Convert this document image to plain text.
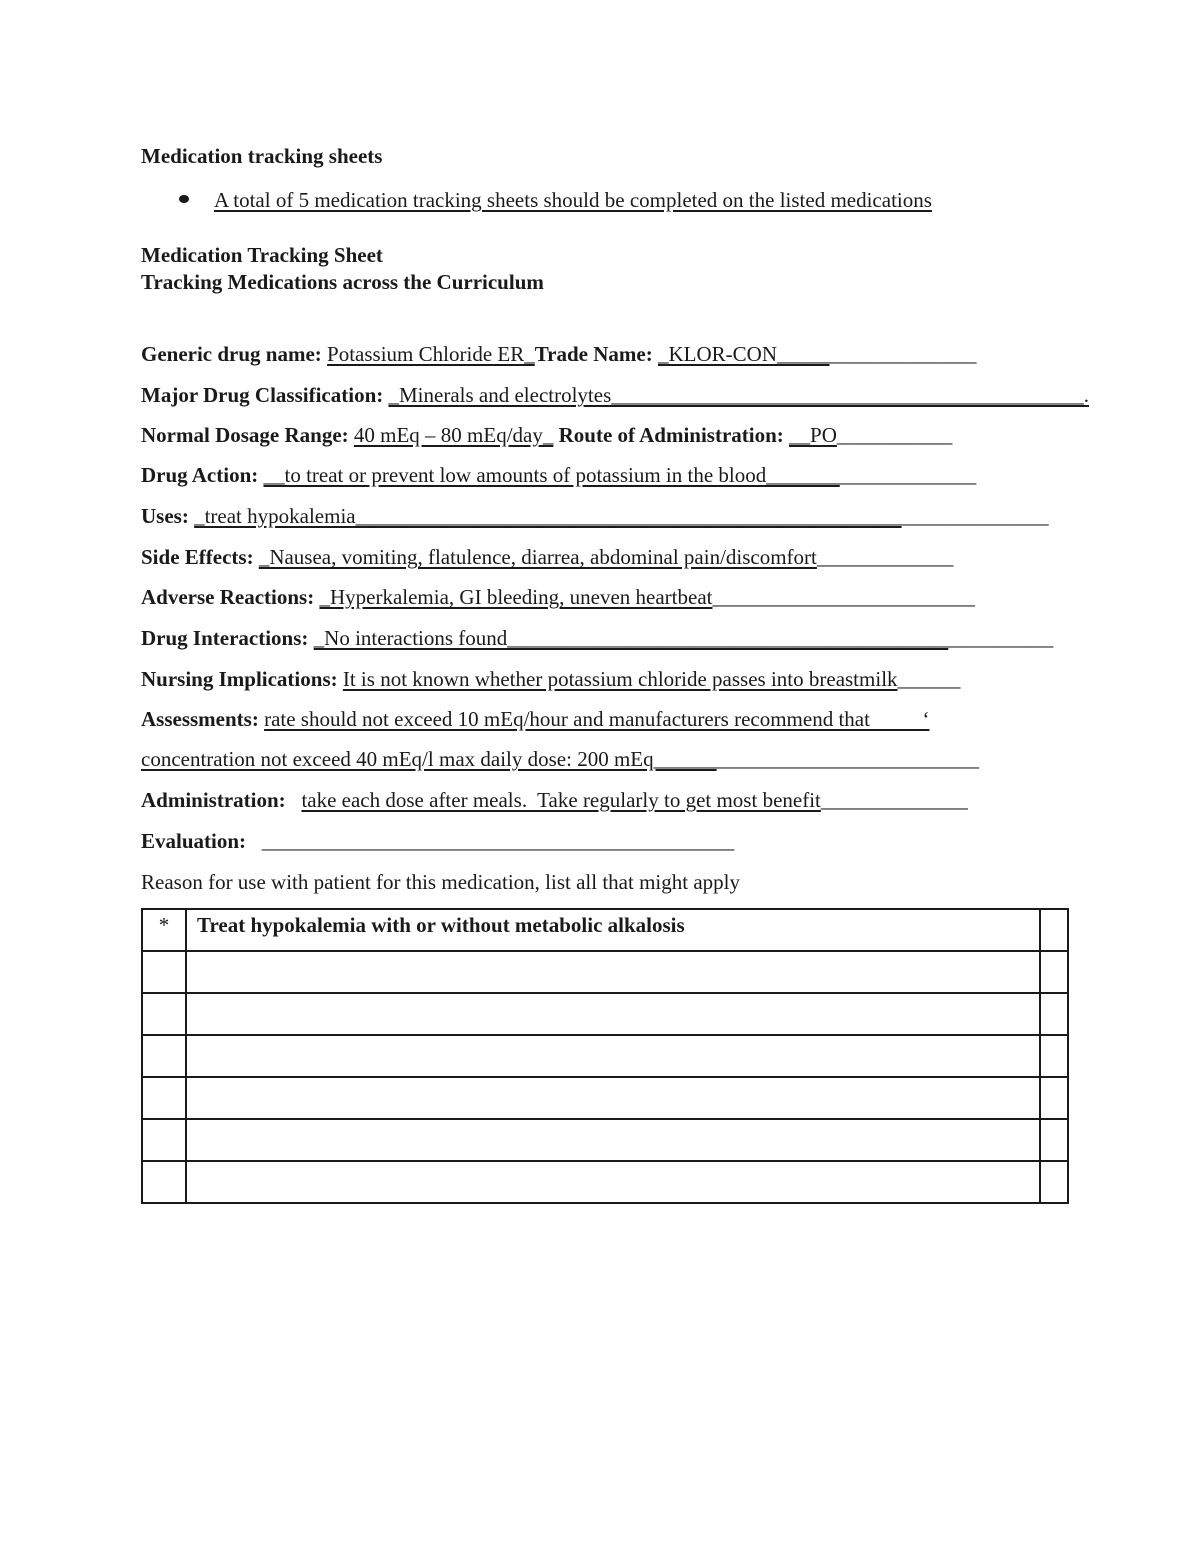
Medication tracking sheets
A total of 5 medication tracking sheets should be completed on the listed medications
Medication Tracking Sheet
Tracking Medications across the Curriculum
Generic drug name: Potassium Chloride ER_Trade Name: _KLOR-CON___________________
Major Drug Classification: _Minerals and electrolytes_____________________________________________.
Normal Dosage Range: 40 mEq – 80 mEq/day_ Route of Administration: __PO___________
Drug Action: __to treat or prevent low amounts of potassium in the blood____________________
Uses: _treat hypokalemia__________________________________________________________________
Side Effects: _Nausea, vomiting, flatulence, diarrea, abdominal pain/discomfort_____________
Adverse Reactions: _Hyperkalemia, GI bleeding, uneven heartbeat_________________________
Drug Interactions: _No interactions found____________________________________________________
Nursing Implications: It is not known whether potassium chloride passes into breastmilk______
Assessments: rate should not exceed 10 mEq/hour and manufacturers recommend that          ‘
concentration not exceed 40 mEq/l max daily dose: 200 mEq_______________________________
Administration:   take each dose after meals.  Take regularly to get most benefit______________
Evaluation:   _____________________________________________
Reason for use with patient for this medication, list all that might apply
*	Treat hypokalemia with or without metabolic alkalosis	
